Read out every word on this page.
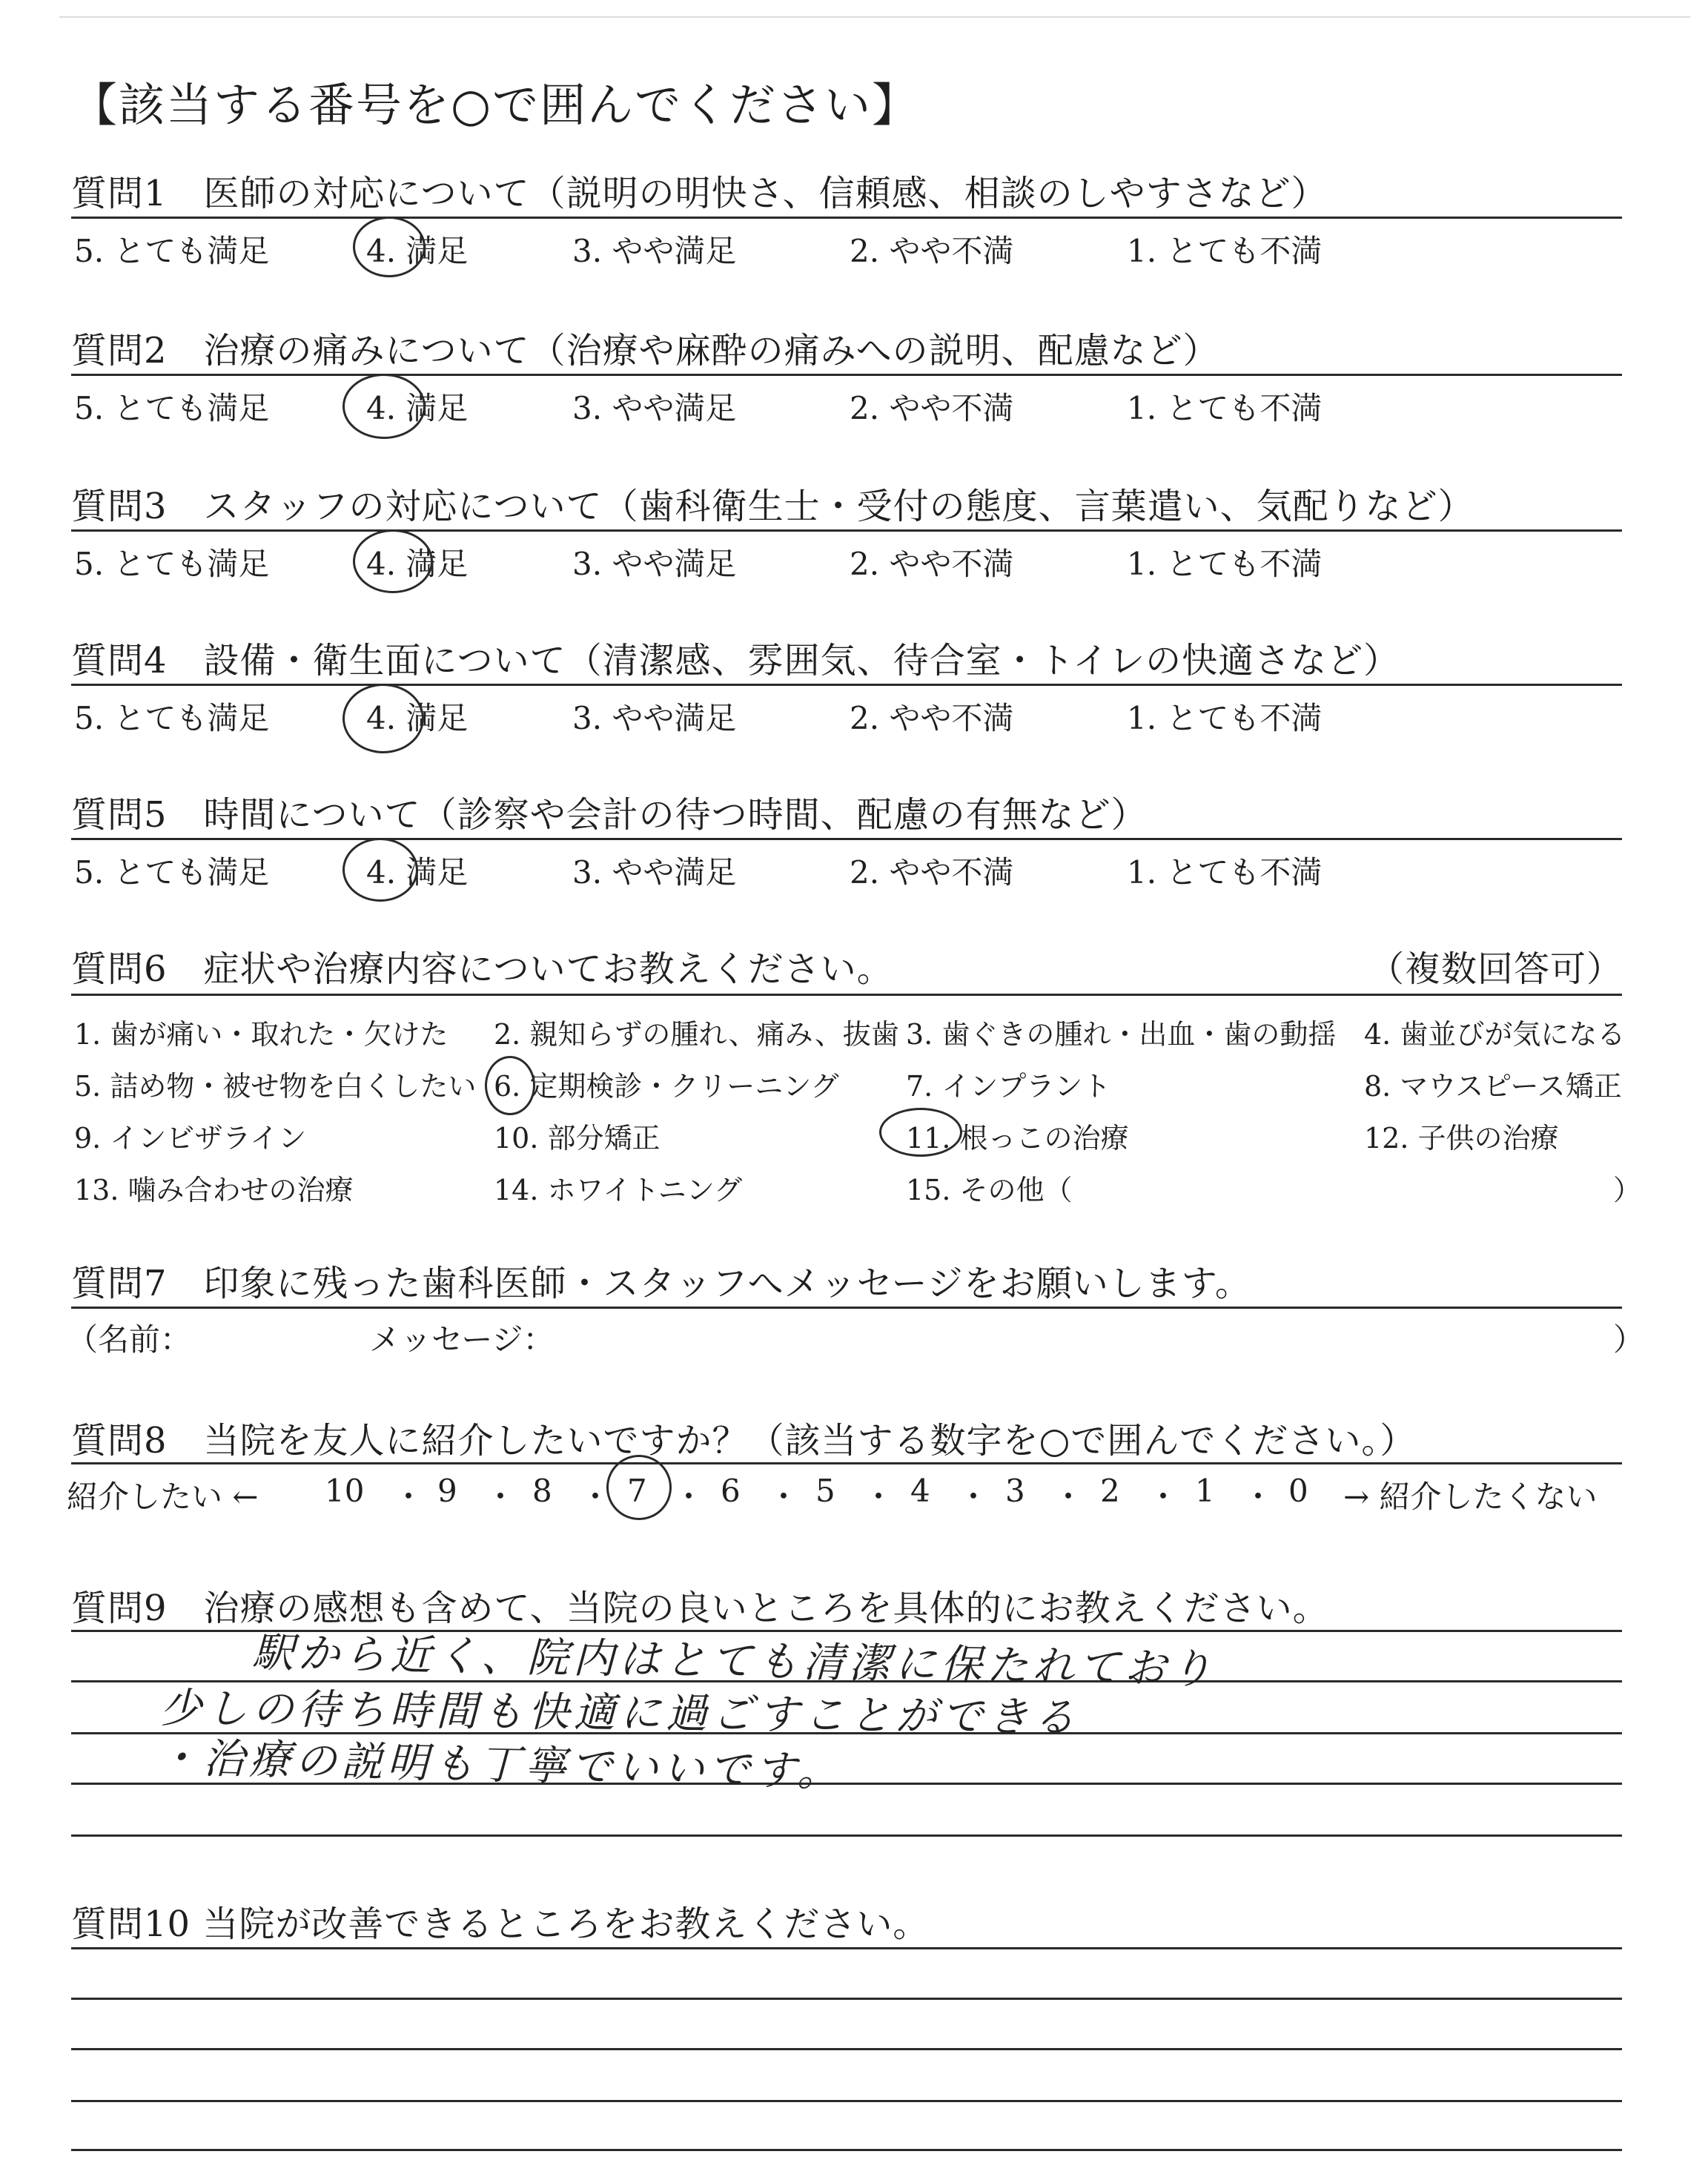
【該当する番号を○で囲んでください】
質問1　医師の対応について（説明の明快さ、信頼感、相談のしやすさなど）
5. とても満足	4. 満足	3. やや満足	2. やや不満	1. とても不満
質問2　治療の痛みについて（治療や麻酔の痛みへの説明、配慮など）
5. とても満足	4. 満足	3. やや満足	2. やや不満	1. とても不満
質問3　スタッフの対応について（歯科衛生士・受付の態度、言葉遣い、気配りなど）
5. とても満足	4. 満足	3. やや満足	2. やや不満	1. とても不満
質問4　設備・衛生面について（清潔感、雰囲気、待合室・トイレの快適さなど）
5. とても満足	4. 満足	3. やや満足	2. やや不満	1. とても不満
質問5　時間について（診察や会計の待つ時間、配慮の有無など）
5. とても満足	4. 満足	3. やや満足	2. やや不満	1. とても不満
質問6　症状や治療内容についてお教えください。	（複数回答可）
1. 歯が痛い・取れた・欠けた 2. 親知らずの腫れ、痛み、抜歯 3. 歯ぐきの腫れ・出血・歯の動揺 4. 歯並びが気になる
5. 詰め物・被せ物を白くしたい 6. 定期検診・クリーニング 7. インプラント	8. マウスピース矯正
9. インビザライン	10. 部分矯正	11. 根っこの治療	12. 子供の治療
13. 噛み合わせの治療	14. ホワイトニング	15. その他（	）
質問7　印象に残った歯科医師・スタッフへメッセージをお願いします。
（名前：	メッセージ：	）
質問8　当院を友人に紹介したいですか？（該当する数字を○で囲んでください。）
紹介したい ← 10 ・ 9 ・ 8 ・ 7 ・ 6 ・ 5 ・ 4 ・ 3 ・ 2 ・ 1 ・ 0 → 紹介したくない
質問9　治療の感想も含めて、当院の良いところを具体的にお教えください。
駅から近く、院内はとても清潔に保たれており
少しの待ち時間も快適に過ごすことができる
・治療の説明も丁寧でいいです。
質問10 当院が改善できるところをお教えください。
